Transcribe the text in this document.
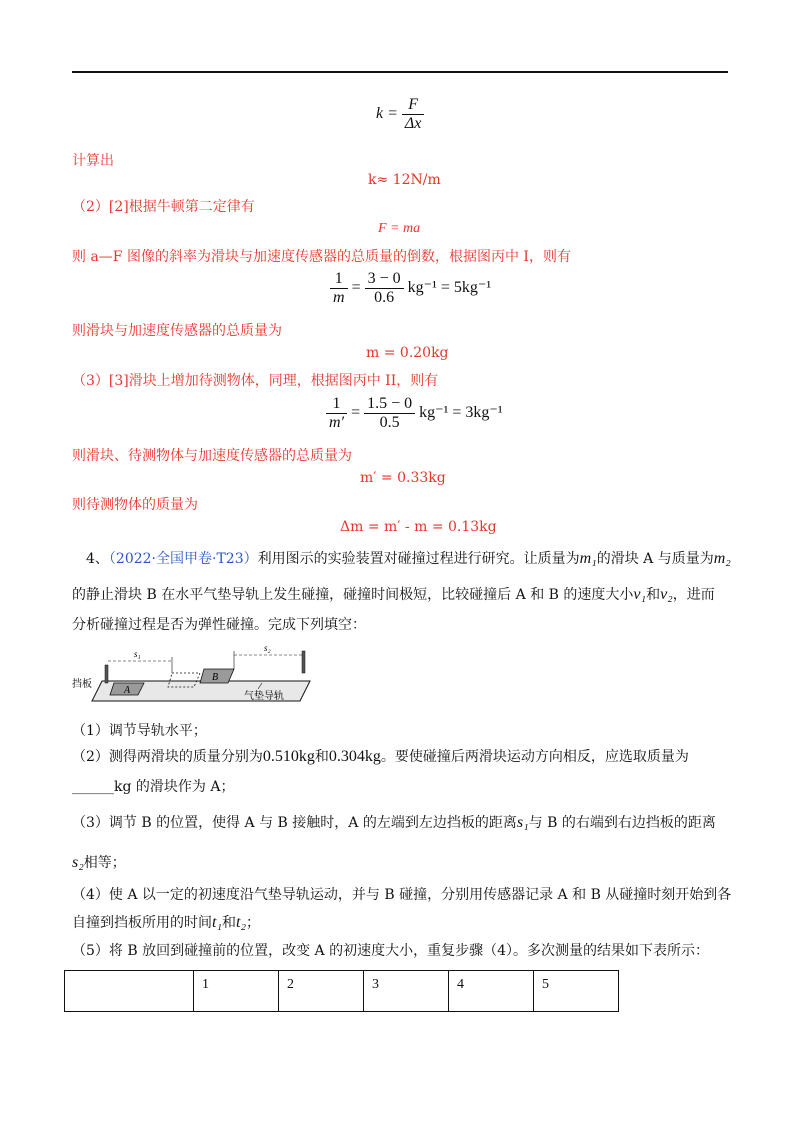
$k = \frac{F}{\Delta x}$
计算出
k≈ 12N/m
（2）[2]根据牛顿第二定律有
F = ma
则 a—F 图像的斜率为滑块与加速度传感器的总质量的倒数，根据图丙中 I，则有
$\frac{1}{m} = \frac{3 - 0}{0.6} kg^{-1} = 5kg^{-1}$
则滑块与加速度传感器的总质量为
m = 0.20kg
（3）[3]滑块上增加待测物体，同理，根据图丙中 II，则有
$\frac{1}{m'} = \frac{1.5 - 0}{0.5} kg^{-1} = 3kg^{-1}$
则滑块、待测物体与加速度传感器的总质量为
m′ = 0.33kg
则待测物体的质量为
Δm = m′ - m = 0.13kg
4、（2022·全国甲卷·T23）利用图示的实验装置对碰撞过程进行研究。让质量为m₁的滑块 A 与质量为m₂
的静止滑块 B 在水平气垫导轨上发生碰撞，碰撞时间极短，比较碰撞后 A 和 B 的速度大小v₁和v₂，进而
分析碰撞过程是否为弹性碰撞。完成下列填空：
A
B
s₁
s₂
挡板
气垫导轨
（1）调节导轨水平；
（2）测得两滑块的质量分别为0.510kg和0.304kg。要使碰撞后两滑块运动方向相反，应选取质量为
______kg 的滑块作为 A；
（3）调节 B 的位置，使得 A 与 B 接触时，A 的左端到左边挡板的距离s₁与 B 的右端到右边挡板的距离
s₂相等；
（4）使 A 以一定的初速度沿气垫导轨运动，并与 B 碰撞，分别用传感器记录 A 和 B 从碰撞时刻开始到各
自撞到挡板所用的时间t₁和t₂；
（5）将 B 放回到碰撞前的位置，改变 A 的初速度大小，重复步骤（4）。多次测量的结果如下表所示：
	1	2	3	4	5
